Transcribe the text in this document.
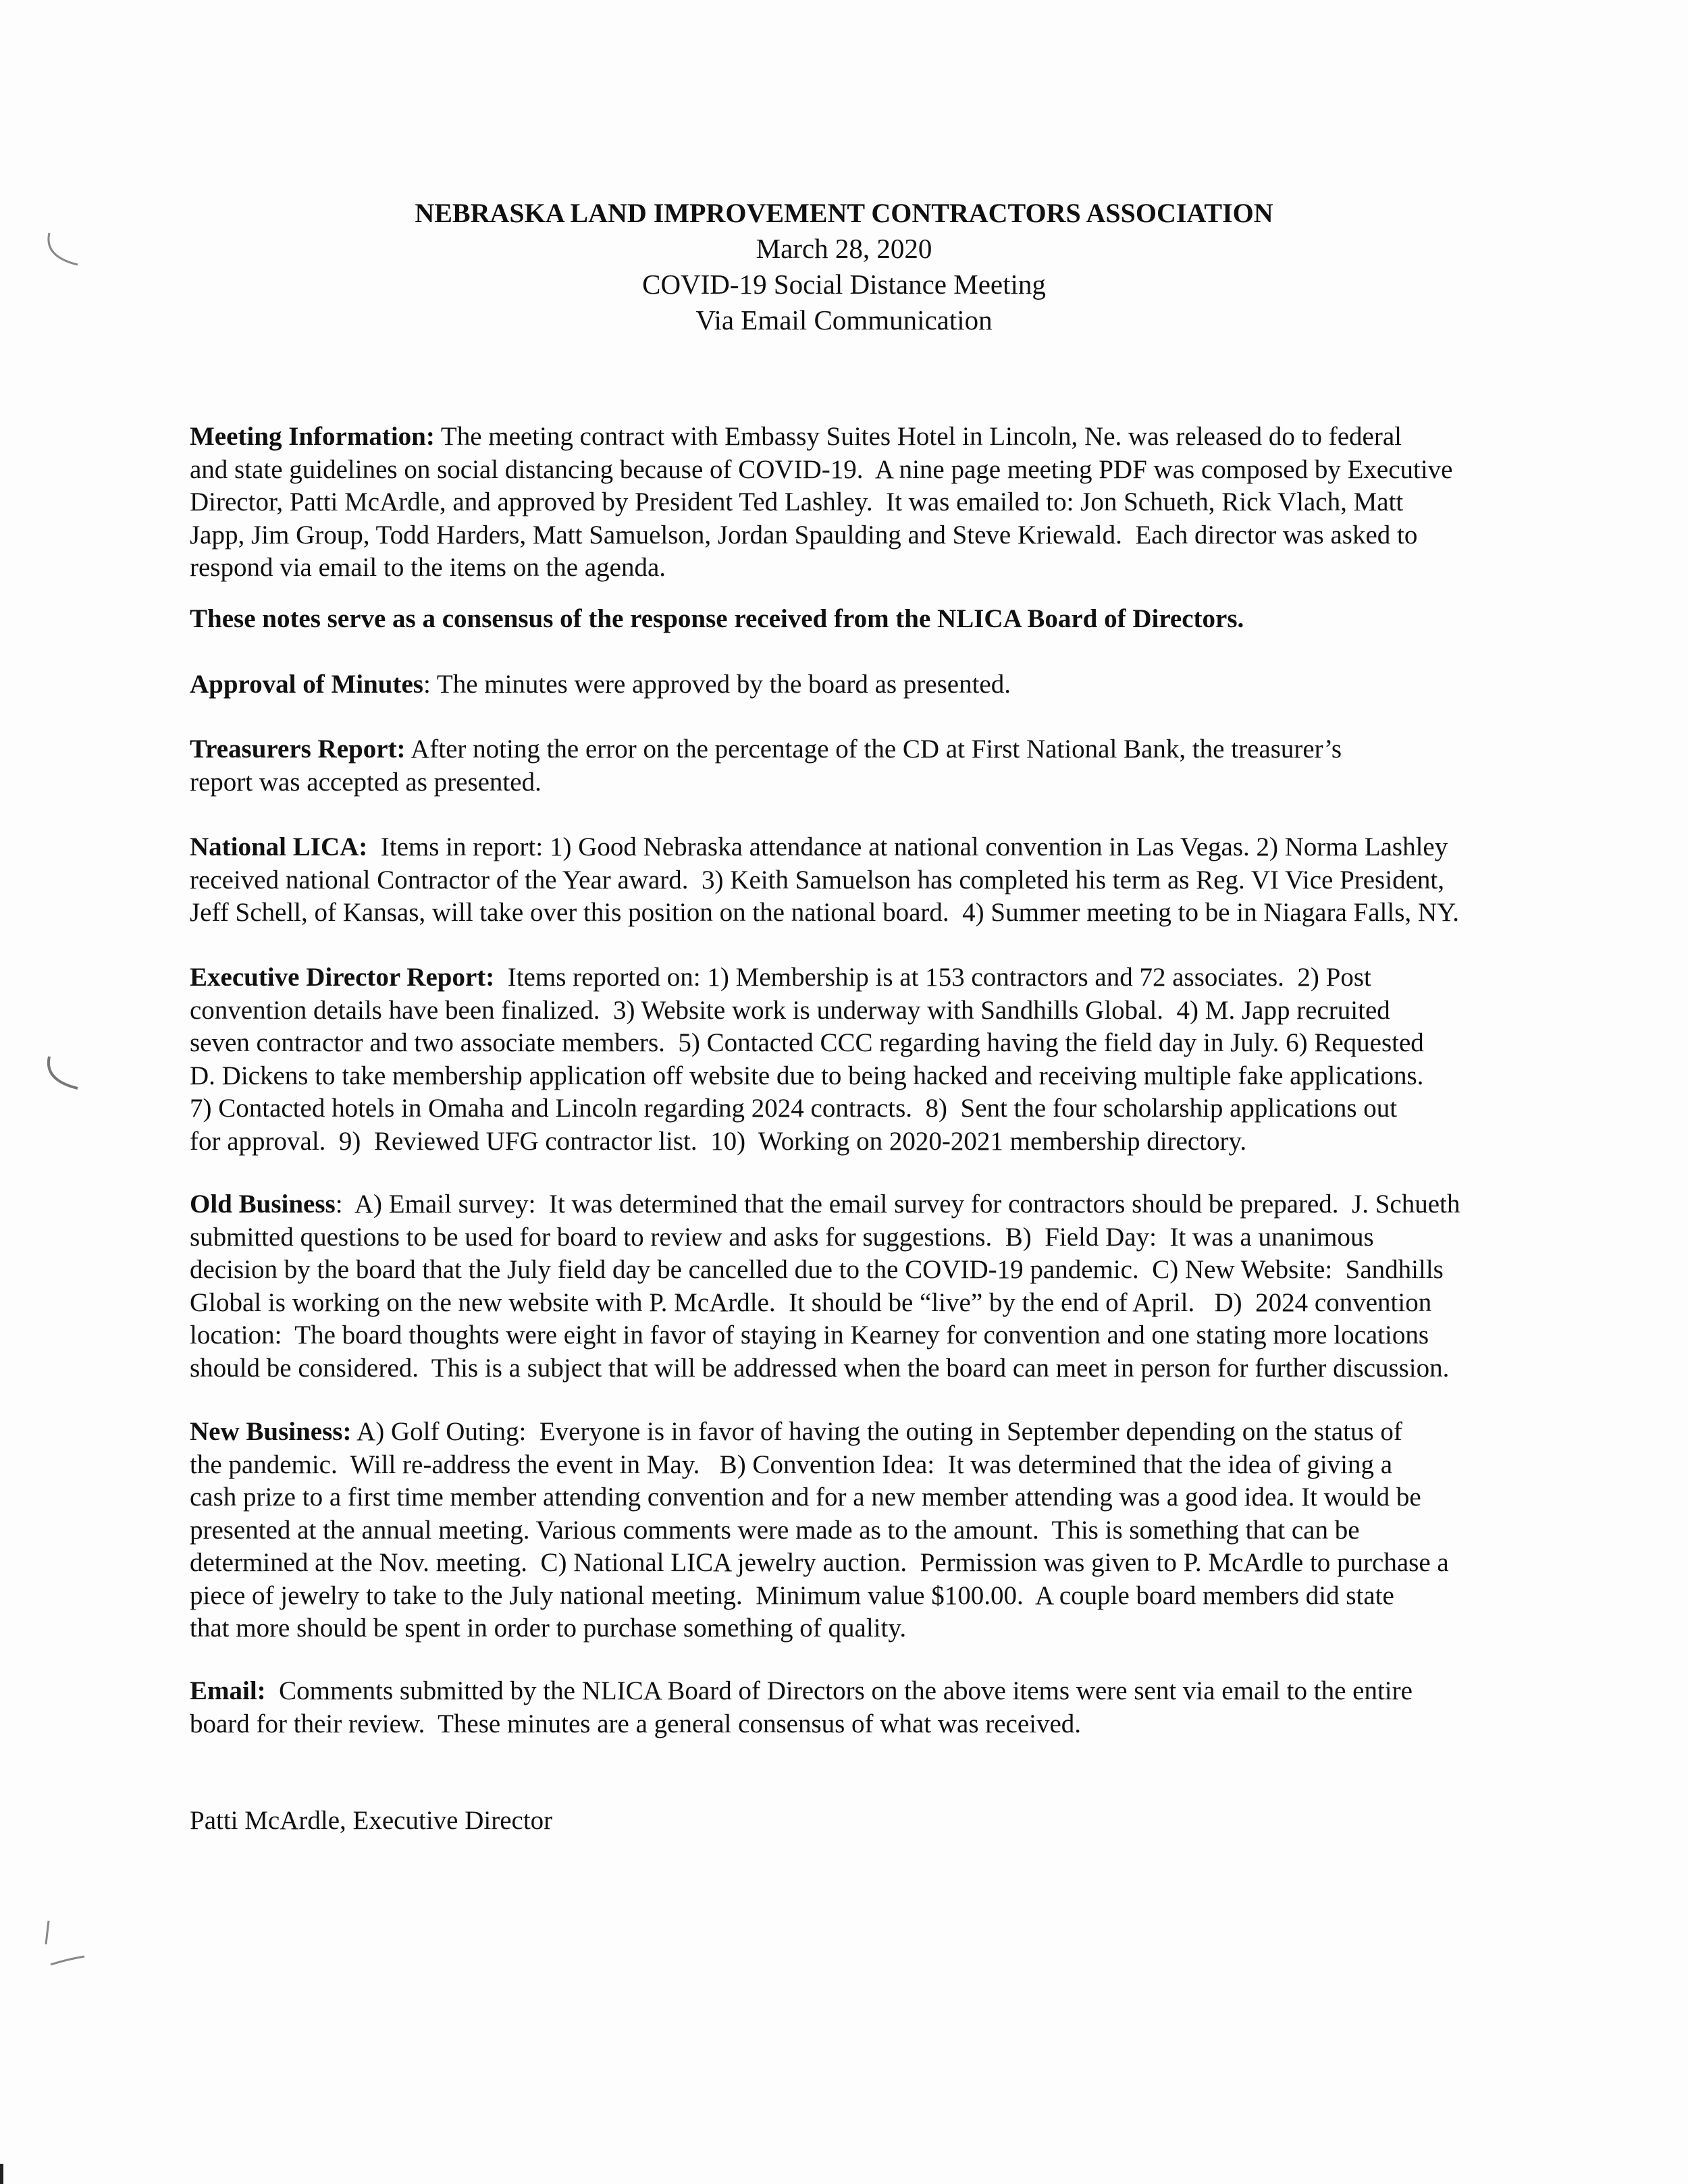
NEBRASKA LAND IMPROVEMENT CONTRACTORS ASSOCIATION
March 28, 2020
COVID-19 Social Distance Meeting
Via Email Communication
Meeting Information: The meeting contract with Embassy Suites Hotel in Lincoln, Ne. was released do to federal
and state guidelines on social distancing because of COVID-19.  A nine page meeting PDF was composed by Executive
Director, Patti McArdle, and approved by President Ted Lashley.  It was emailed to: Jon Schueth, Rick Vlach, Matt
Japp, Jim Group, Todd Harders, Matt Samuelson, Jordan Spaulding and Steve Kriewald.  Each director was asked to
respond via email to the items on the agenda.
These notes serve as a consensus of the response received from the NLICA Board of Directors.
Approval of Minutes: The minutes were approved by the board as presented.
Treasurers Report: After noting the error on the percentage of the CD at First National Bank, the treasurer’s
report was accepted as presented.
National LICA:  Items in report: 1) Good Nebraska attendance at national convention in Las Vegas. 2) Norma Lashley
received national Contractor of the Year award.  3) Keith Samuelson has completed his term as Reg. VI Vice President,
Jeff Schell, of Kansas, will take over this position on the national board.  4) Summer meeting to be in Niagara Falls, NY.
Executive Director Report:  Items reported on: 1) Membership is at 153 contractors and 72 associates.  2) Post
convention details have been finalized.  3) Website work is underway with Sandhills Global.  4) M. Japp recruited
seven contractor and two associate members.  5) Contacted CCC regarding having the field day in July. 6) Requested
D. Dickens to take membership application off website due to being hacked and receiving multiple fake applications.
7) Contacted hotels in Omaha and Lincoln regarding 2024 contracts.  8)  Sent the four scholarship applications out
for approval.  9)  Reviewed UFG contractor list.  10)  Working on 2020-2021 membership directory.
Old Business:  A) Email survey:  It was determined that the email survey for contractors should be prepared.  J. Schueth
submitted questions to be used for board to review and asks for suggestions.  B)  Field Day:  It was a unanimous
decision by the board that the July field day be cancelled due to the COVID-19 pandemic.  C) New Website:  Sandhills
Global is working on the new website with P. McArdle.  It should be “live” by the end of April.   D)  2024 convention
location:  The board thoughts were eight in favor of staying in Kearney for convention and one stating more locations
should be considered.  This is a subject that will be addressed when the board can meet in person for further discussion.
New Business: A) Golf Outing:  Everyone is in favor of having the outing in September depending on the status of
the pandemic.  Will re-address the event in May.   B) Convention Idea:  It was determined that the idea of giving a
cash prize to a first time member attending convention and for a new member attending was a good idea. It would be
presented at the annual meeting. Various comments were made as to the amount.  This is something that can be
determined at the Nov. meeting.  C) National LICA jewelry auction.  Permission was given to P. McArdle to purchase a
piece of jewelry to take to the July national meeting.  Minimum value $100.00.  A couple board members did state
that more should be spent in order to purchase something of quality.
Email:  Comments submitted by the NLICA Board of Directors on the above items were sent via email to the entire
board for their review.  These minutes are a general consensus of what was received.
Patti McArdle, Executive Director
